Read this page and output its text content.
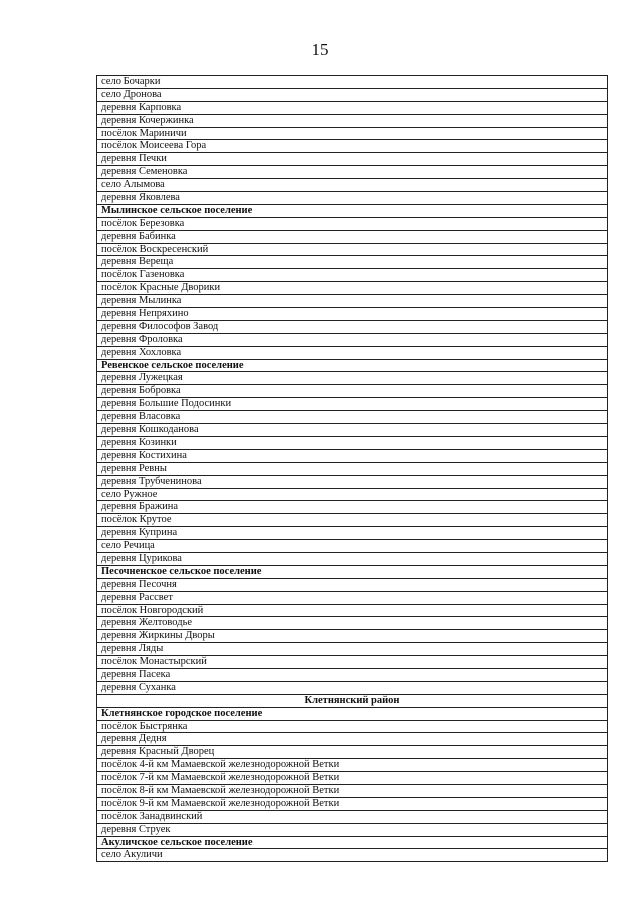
15
село Бочарки
село Дронова
деревня Карповка
деревня Кочержинка
посёлок Мариничи
посёлок Моисеева Гора
деревня Печки
деревня Семеновка
село Алымова
деревня Яковлева
Мылинское сельское поселение
посёлок Березовка
деревня Бабинка
посёлок Воскресенский
деревня Вереща
посёлок Газеновка
посёлок Красные Дворики
деревня Мылинка
деревня Непряхино
деревня Философов Завод
деревня Фроловка
деревня Хохловка
Ревенское сельское поселение
деревня Лужецкая
деревня Бобровка
деревня Большие Подосинки
деревня Власовка
деревня Кошкоданова
деревня Козинки
деревня Костихина
деревня Ревны
деревня Трубченинова
село Ружное
деревня Бражина
посёлок Крутое
деревня Куприна
село Речица
деревня Цурикова
Песочненское сельское поселение
деревня Песочня
деревня Рассвет
посёлок Новгородский
деревня Желтоводье
деревня Жиркины Дворы
деревня Ляды
посёлок Монастырский
деревня Пасека
деревня Суханка
Клетнянский район
Клетнянское городское поселение
посёлок Быстрянка
деревня Дедня
деревня Красный Дворец
посёлок 4-й км Мамаевской железнодорожной Ветки
посёлок 7-й км Мамаевской железнодорожной Ветки
посёлок 8-й км Мамаевской железнодорожной Ветки
посёлок 9-й км Мамаевской железнодорожной Ветки
посёлок Занадвинский
деревня Струек
Акуличское сельское поселение
село Акуличи
